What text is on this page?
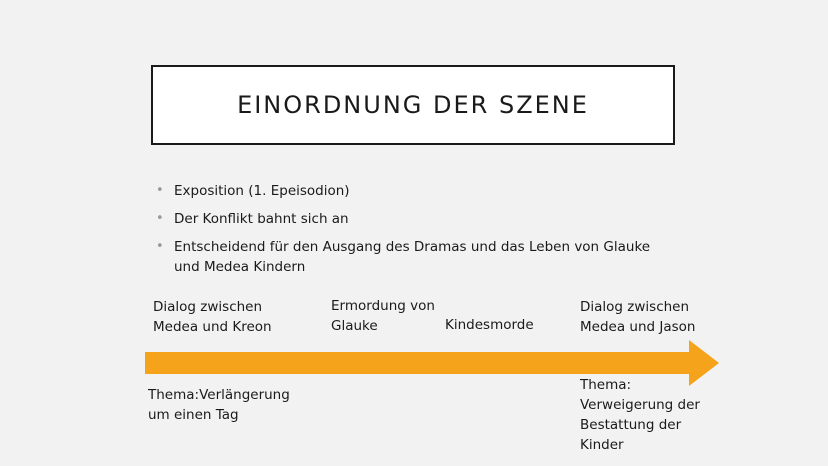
EINORDNUNG DER SZENE
• Exposition (1. Epeisodion)
• Der Konflikt bahnt sich an
• Entscheidend für den Ausgang des Dramas und das Leben von Glauke und Medea Kindern
Dialog zwischen
Medea und Kreon
Ermordung von
Glauke	Kindesmorde
Dialog zwischen
Medea und Jason
Thema:Verlängerung
um einen Tag
Thema:
Verweigerung der
Bestattung der
Kinder
